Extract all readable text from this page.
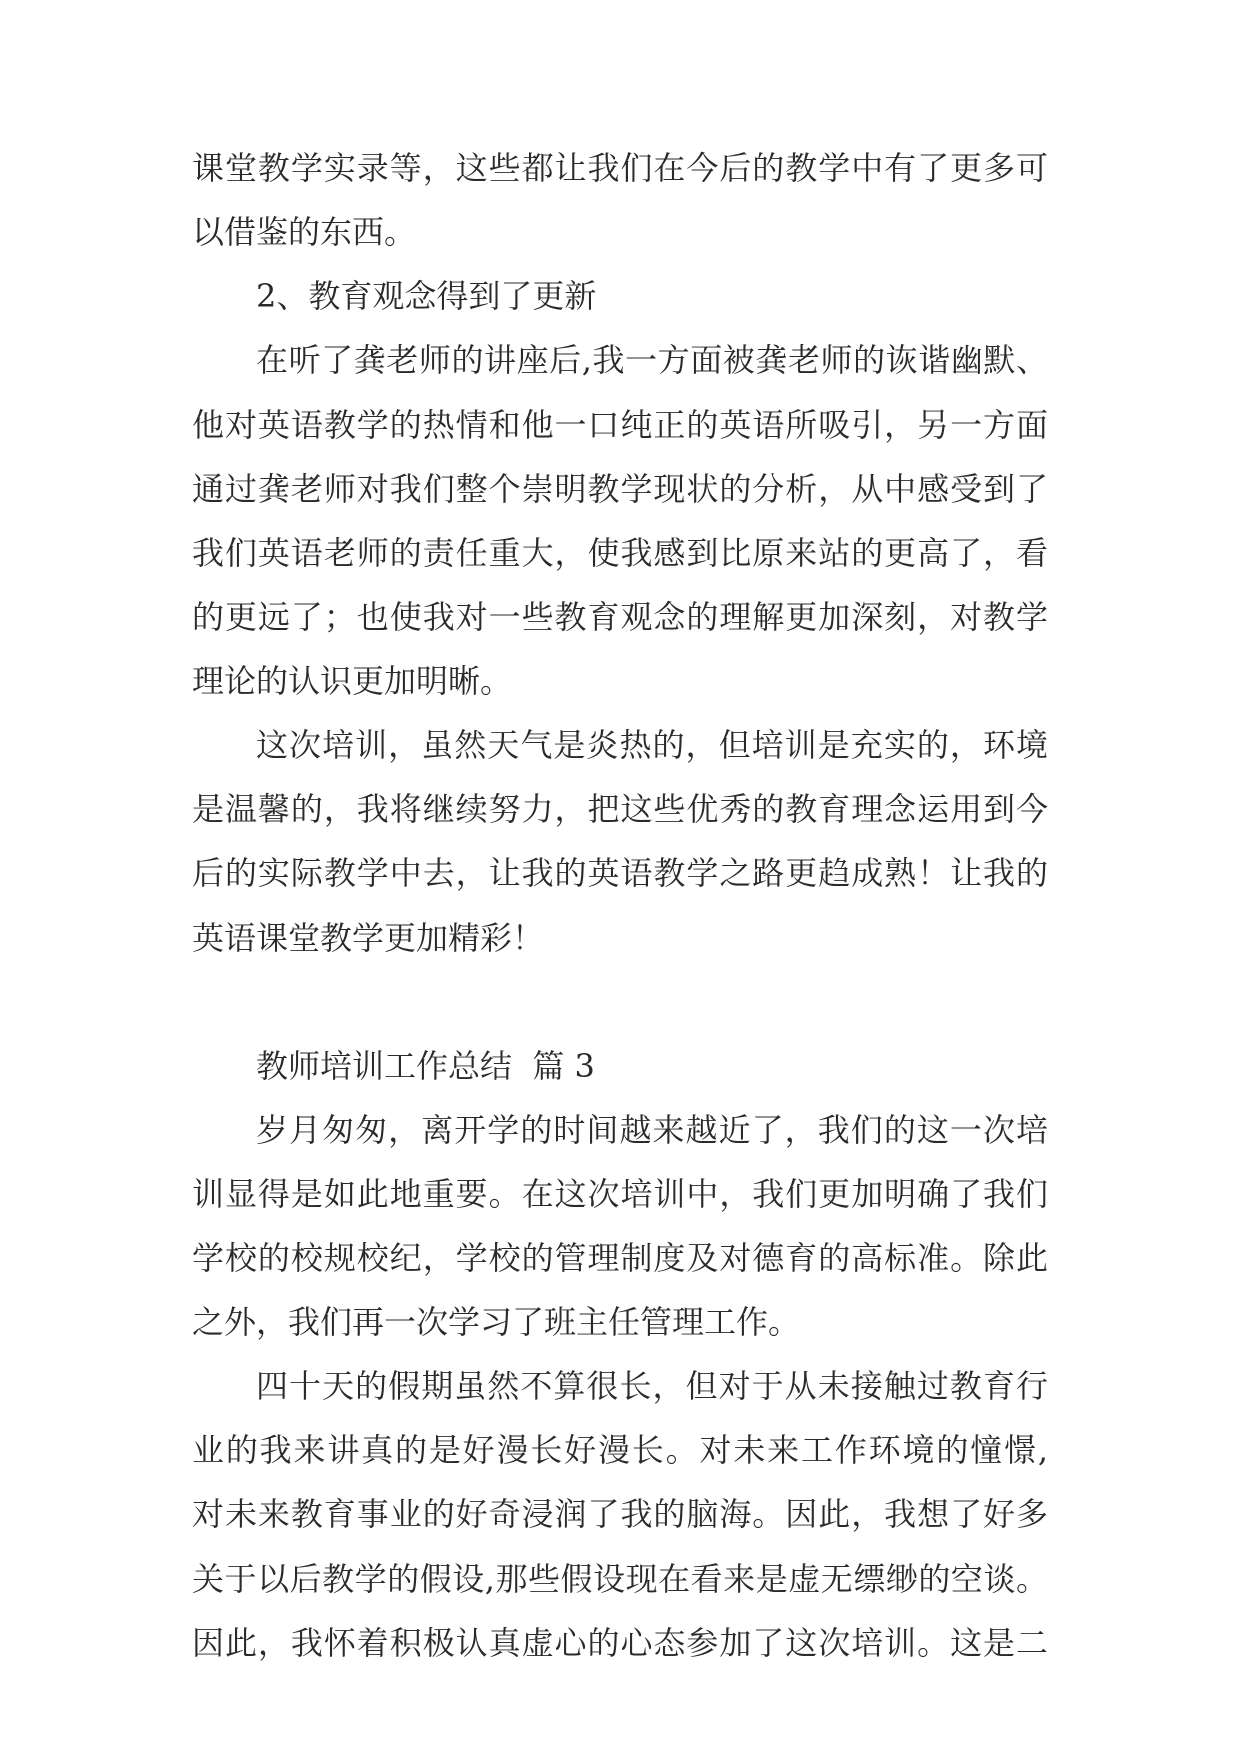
课堂教学实录等，这些都让我们在今后的教学中有了更多可

以借鉴的东西。

2、教育观念得到了更新

在听了龚老师的讲座后,我一方面被龚老师的诙谐幽默、

他对英语教学的热情和他一口纯正的英语所吸引，另一方面

通过龚老师对我们整个崇明教学现状的分析，从中感受到了

我们英语老师的责任重大，使我感到比原来站的更高了，看

的更远了；也使我对一些教育观念的理解更加深刻，对教学

理论的认识更加明晰。

这次培训，虽然天气是炎热的，但培训是充实的，环境

是温馨的，我将继续努力，把这些优秀的教育理念运用到今

后的实际教学中去，让我的英语教学之路更趋成熟！让我的

英语课堂教学更加精彩！

教师培训工作总结  篇 3

岁月匆匆，离开学的时间越来越近了，我们的这一次培

训显得是如此地重要。在这次培训中，我们更加明确了我们

学校的校规校纪，学校的管理制度及对德育的高标准。除此

之外，我们再一次学习了班主任管理工作。

四十天的假期虽然不算很长，但对于从未接触过教育行

业的我来讲真的是好漫长好漫长。对未来工作环境的憧憬,

对未来教育事业的好奇浸润了我的脑海。因此，我想了好多

关于以后教学的假设,那些假设现在看来是虚无缥缈的空谈。

因此，我怀着积极认真虚心的心态参加了这次培训。这是二
